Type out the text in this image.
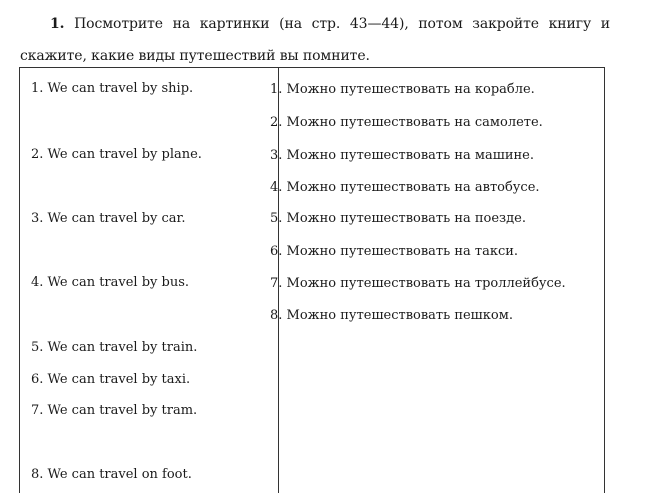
1. Посмотрите на картинки (на стр. 43—44), потом закройте книгу и скажите, какие виды путешествий вы помните.
1. We can travel by ship.
2. We can travel by plane.
3. We can travel by car.
4. We can travel by bus.
5. We can travel by train.
6. We can travel by taxi.
7. We can travel by tram.
8. We can travel on foot.
1. Можно путешествовать на корабле.
2. Можно путешествовать на самолете.
3. Можно путешествовать на машине.
4. Можно путешествовать на автобусе.
5. Можно путешествовать на поезде.
6. Можно путешествовать на такси.
7. Можно путешествовать на троллейбусе.
8. Можно путешествовать пешком.
